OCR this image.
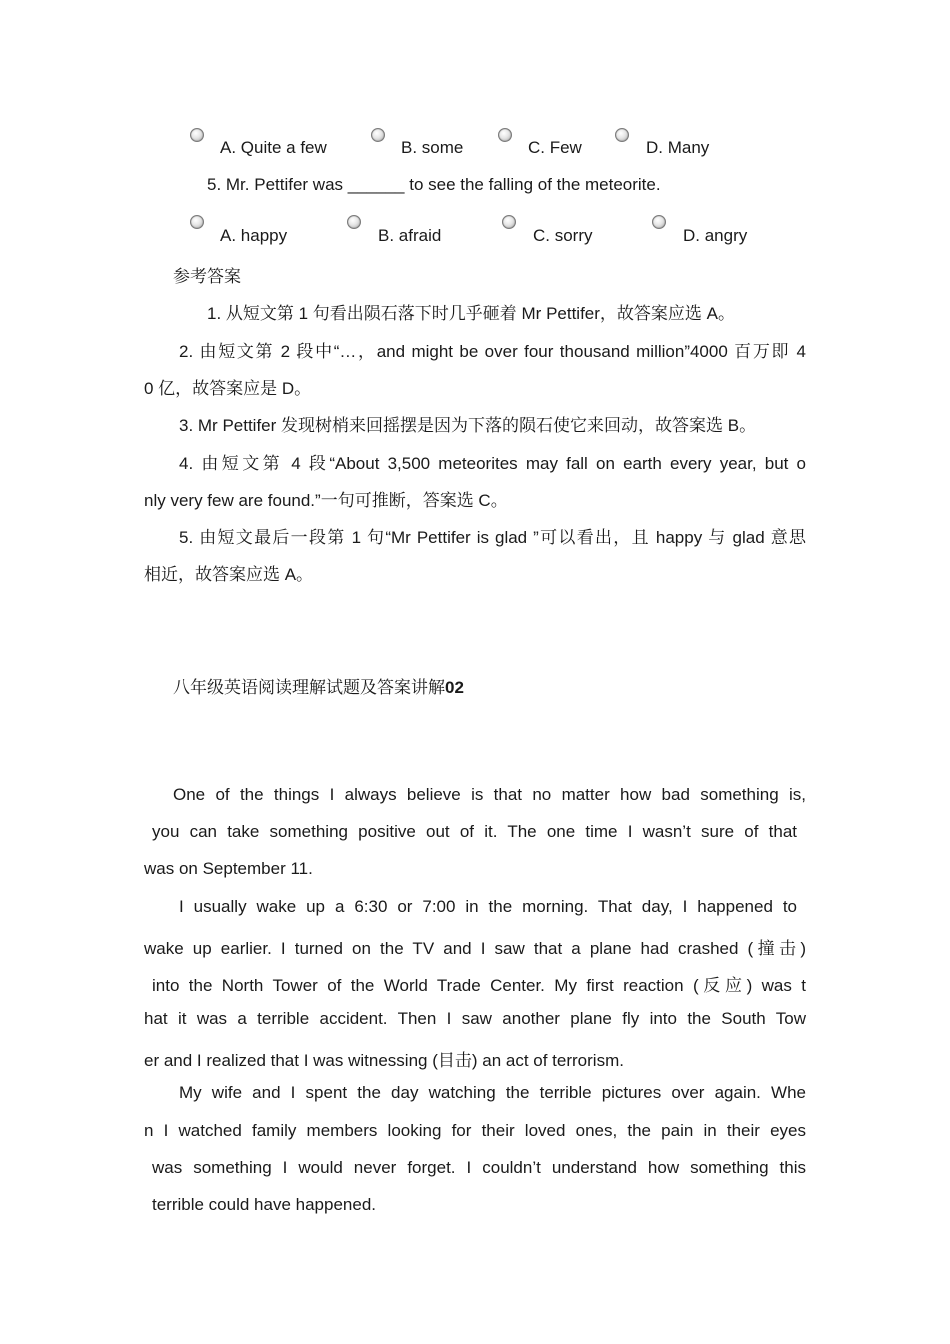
A. Quite a few	B. some	C. Few	D. Many
5. Mr. Pettifer was ______ to see the falling of the meteorite.
A. happy	B. afraid	C. sorry	D. angry
参考答案
1. 从短文第 1 句看出陨石落下时几乎砸着 Mr Pettifer，故答案应选 A。
2. 由短文第 2 段中“…，and might be over four thousand million”4000 百万即 4
0 亿，故答案应是 D。
3. Mr Pettifer 发现树梢来回摇摆是因为下落的陨石使它来回动，故答案选 B。
4. 由短文第 4 段“About 3,500 meteorites may fall on earth every year, but o
nly very few are found.”一句可推断，答案选 C。
5. 由短文最后一段第 1 句“Mr Pettifer is glad ”可以看出，且 happy 与 glad 意思
相近，故答案应选 A。
八年级英语阅读理解试题及答案讲解02
One of the things I always believe is that no matter how bad something is,
you can take something positive out of it. The one time I wasn’t sure of that
was on September 11.
I usually wake up a 6:30 or 7:00 in the morning. That day, I happened to
wake up earlier. I turned on the TV and I saw that a plane had crashed (撞击)
into the North Tower of the World Trade Center. My first reaction (反应) was t
hat it was a terrible accident. Then I saw another plane fly into the South Tow
er and I realized that I was witnessing (目击) an act of terrorism.
My wife and I spent the day watching the terrible pictures over again. Whe
n I watched family members looking for their loved ones, the pain in their eyes
was something I would never forget. I couldn’t understand how something this
terrible could have happened.
